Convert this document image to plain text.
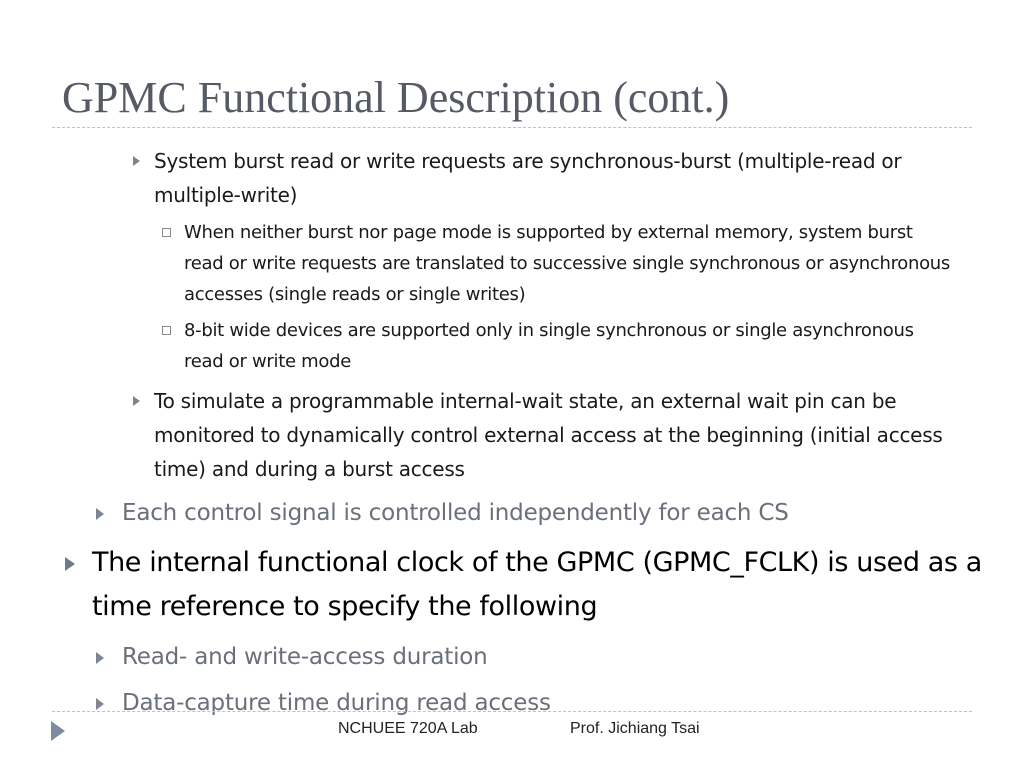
GPMC Functional Description (cont.)
System burst read or write requests are synchronous-burst (multiple-read or multiple-write)
When neither burst nor page mode is supported by external memory, system burst read or write requests are translated to successive single synchronous or asynchronous accesses (single reads or single writes)
8-bit wide devices are supported only in single synchronous or single asynchronous read or write mode
To simulate a programmable internal-wait state, an external wait pin can be monitored to dynamically control external access at the beginning (initial access time) and during a burst access
Each control signal is controlled independently for each CS
The internal functional clock of the GPMC (GPMC_FCLK) is used as a time reference to specify the following
Read- and write-access duration
Data-capture time during read access
NCHUEE 720A Lab	Prof. Jichiang Tsai
